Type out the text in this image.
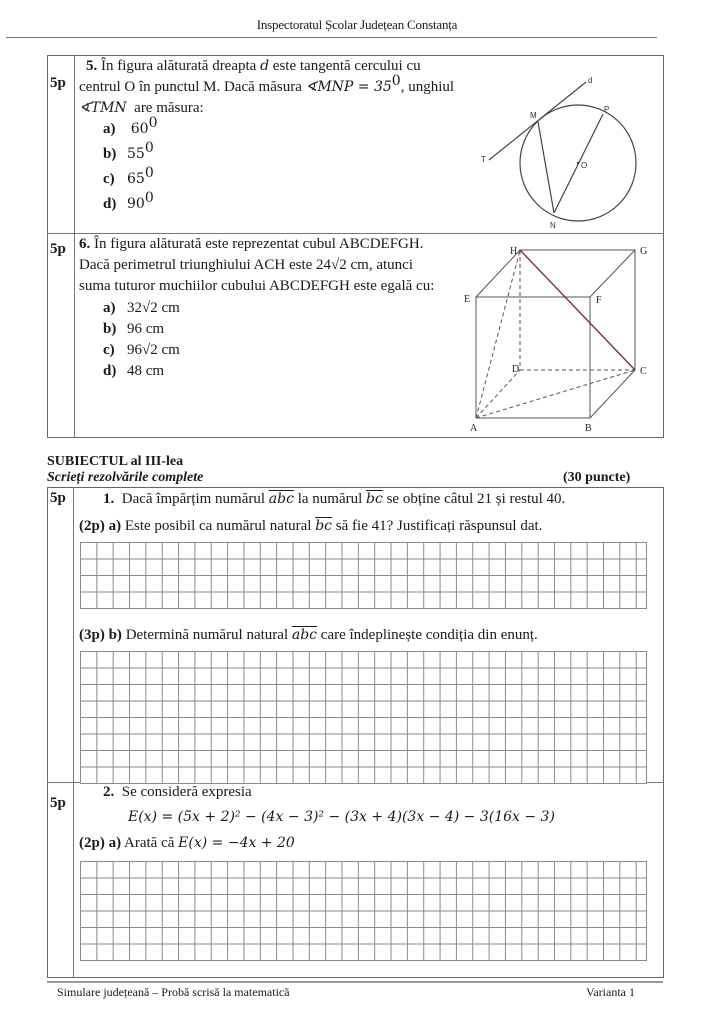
Inspectoratul Școlar Județean Constanța
5p
5. În figura alăturată dreapta d este tangentă cercului cu
centrul O în punctul M. Dacă măsura ∢MNP = $35^0$, unghiul
∢TMN are măsura:
a) $60^0$
b) $55^0$
c) $65^0$
d) $90^0$
d
M
P
T
O
N
5p 6. În figura alăturată este reprezentat cubul ABCDEFGH.
Dacă perimetrul triunghiului ACH este 24√2 cm, atunci
suma tuturor muchiilor cubului ABCDEFGH este egală cu:
a) 32√2 cm
b) 96 cm
c) 96√2 cm
d) 48 cm
H	G
E	F
D	C
A	B
SUBIECTUL al III-lea
Scrieți rezolvările complete	(30 puncte)
5p 1. Dacă împărțim numărul $\overline{abc}$ la numărul $\overline{bc}$ se obține câtul 21 și restul 40.
(2p) a) Este posibil ca numărul natural $\overline{bc}$ să fie 41? Justificați răspunsul dat.
(3p) b) Determină numărul natural $\overline{abc}$ care îndeplinește condiția din enunț.
5p
2. Se consideră expresia
E(x) = (5x + 2)² − (4x − 3)² − (3x + 4)(3x − 4) − 3(16x − 3)
(2p) a) Arată că E(x) = −4x + 20
Simulare județeană – Probă scrisă la matematică	Varianta 1
